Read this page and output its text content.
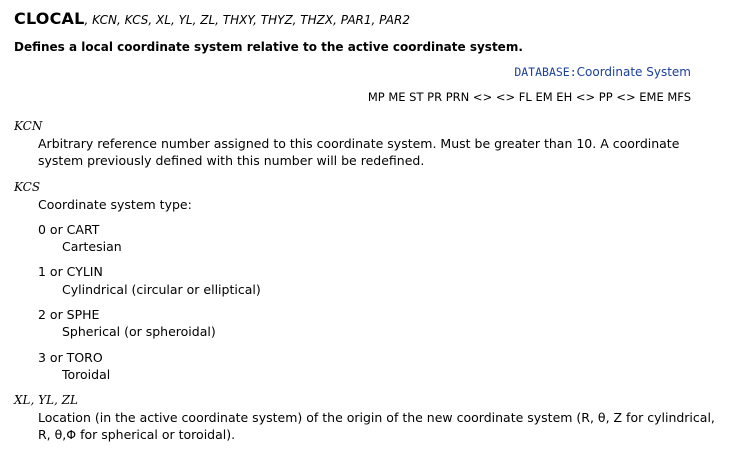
CLOCAL, KCN, KCS, XL, YL, ZL, THXY, THYZ, THZX, PAR1, PAR2
Defines a local coordinate system relative to the active coordinate system.
DATABASE:Coordinate System
MP ME ST PR PRN <> <> FL EM EH <> PP <> EME MFS
KCN
Arbitrary reference number assigned to this coordinate system. Must be greater than 10. A coordinate system previously defined with this number will be redefined.
KCS
Coordinate system type:
0 or CART
Cartesian
1 or CYLIN
Cylindrical (circular or elliptical)
2 or SPHE
Spherical (or spheroidal)
3 or TORO
Toroidal
XL, YL, ZL
Location (in the active coordinate system) of the origin of the new coordinate system (R, θ, Z for cylindrical, R, θ,Φ for spherical or toroidal).
